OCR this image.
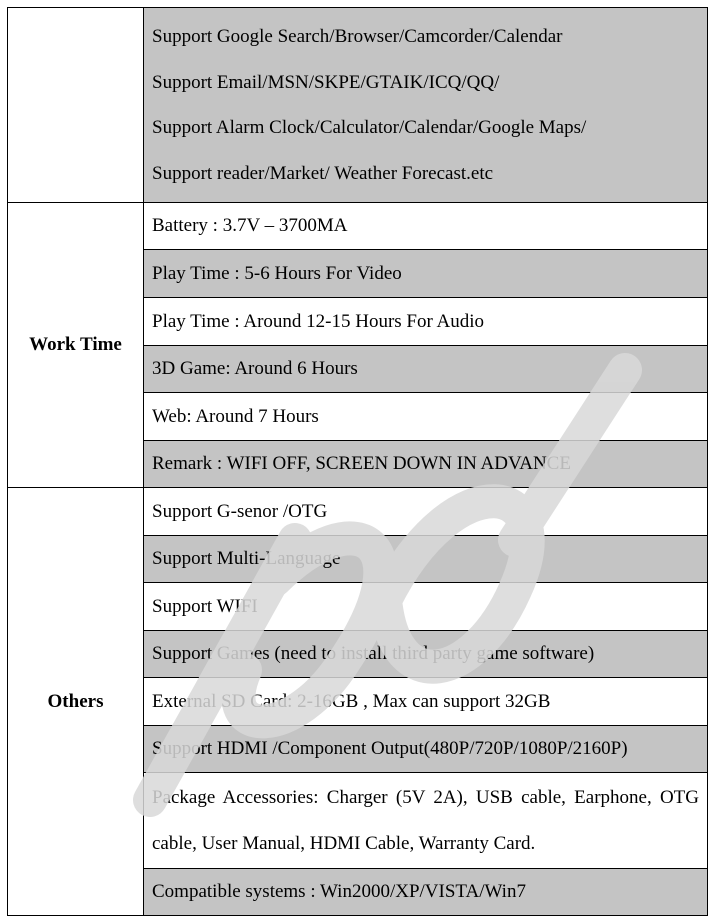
	Support Google Search/Browser/Camcorder/Calendar
Support Email/MSN/SKPE/GTAIK/ICQ/QQ/
Support Alarm Clock/Calculator/Calendar/Google Maps/
Support reader/Market/ Weather Forecast.etc

Work Time	Battery : 3.7V – 3700MA
	Play Time : 5-6 Hours For Video
	Play Time : Around 12-15 Hours For Audio
	3D Game: Around 6 Hours
	Web: Around 7 Hours
	Remark : WIFI OFF, SCREEN DOWN IN ADVANCE
Others	Support G-senor /OTG
	Support Multi-Language
	Support WIFI
	Support Games (need to install third party game software)
	External SD Card: 2-16GB , Max can support 32GB
	Support HDMI /Component Output(480P/720P/1080P/2160P)
	Package Accessories: Charger (5V 2A), USB cable, Earphone, OTG cable, User Manual, HDMI Cable, Warranty Card.
	Compatible systems : Win2000/XP/VISTA/Win7
